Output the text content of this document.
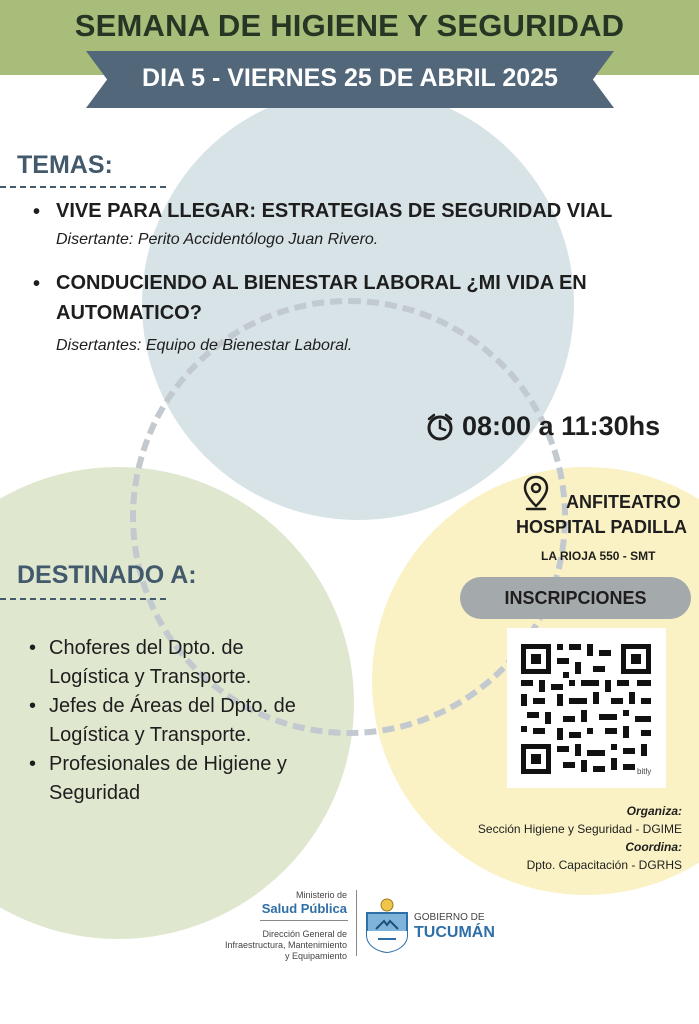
SEMANA DE HIGIENE Y SEGURIDAD
DIA 5 - VIERNES 25 DE ABRIL 2025
TEMAS:
• VIVE PARA LLEGAR: ESTRATEGIAS DE SEGURIDAD VIAL
Disertante: Perito Accidentólogo Juan Rivero.
• CONDUCIENDO AL BIENESTAR LABORAL ¿MI VIDA EN
AUTOMATICO?
Disertantes: Equipo de Bienestar Laboral.
08:00 a 11:30hs
ANFITEATRO
HOSPITAL PADILLA
LA RIOJA 550 - SMT
INSCRIPCIONES
bitly
DESTINADO A:
• Choferes del Dpto. de
Logística y Transporte.
• Jefes de Áreas del Dpto. de
Logística y Transporte.
• Profesionales de Higiene y
Seguridad
Organiza:
Sección Higiene y Seguridad - DGIME
Coordina:
Dpto. Capacitación - DGRHS
Ministerio de
Salud Pública
Dirección General de
Infraestructura, Mantenimiento
y Equipamiento
GOBIERNO DE
TUCUMÁN
